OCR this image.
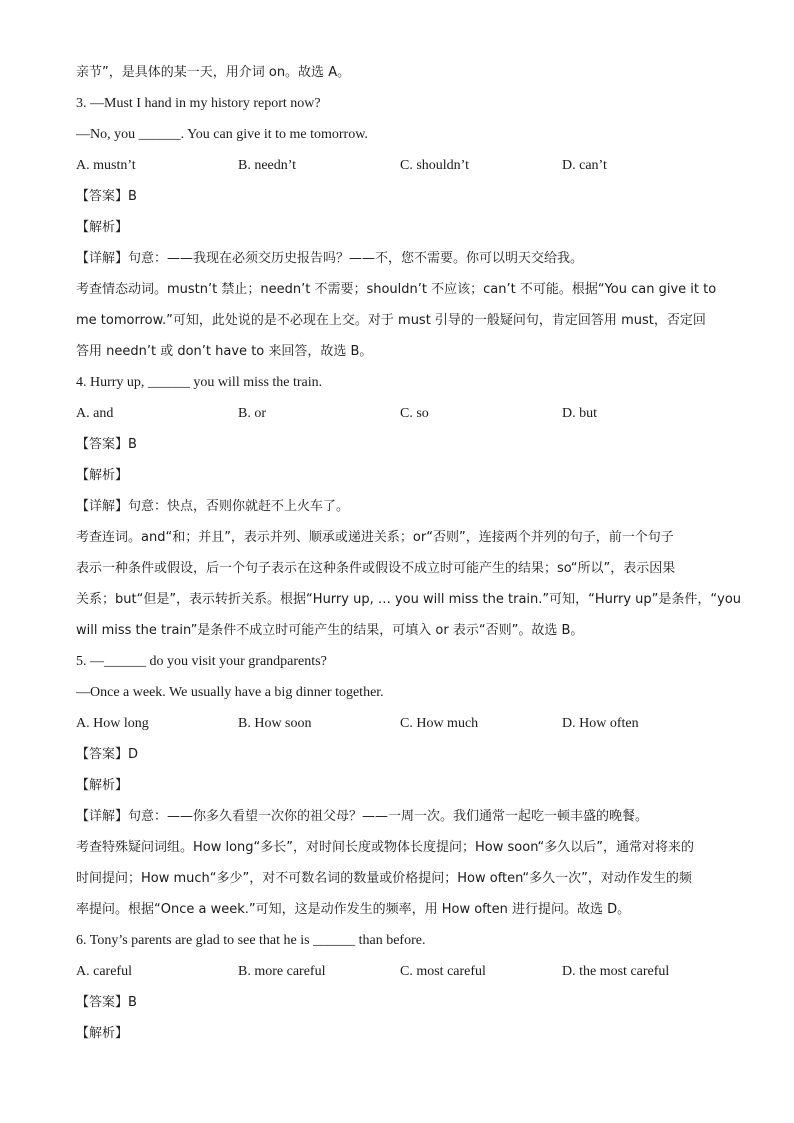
亲节”，是具体的某一天，用介词 on。故选 A。
3. —Must I hand in my history report now?
—No, you ______. You can give it to me tomorrow.
A. mustn’t	B. needn’t	C. shouldn’t	D. can’t
【答案】B
【解析】
【详解】句意：——我现在必须交历史报告吗？——不，您不需要。你可以明天交给我。
考查情态动词。mustn’t 禁止；needn’t 不需要；shouldn’t 不应该；can’t 不可能。根据“You can give it to
me tomorrow.”可知，此处说的是不必现在上交。对于 must 引导的一般疑问句，肯定回答用 must，否定回
答用 needn’t 或 don’t have to 来回答，故选 B。
4. Hurry up, ______ you will miss the train.
A. and	B. or	C. so	D. but
【答案】B
【解析】
【详解】句意：快点，否则你就赶不上火车了。
考查连词。and“和；并且”，表示并列、顺承或递进关系；or“否则”，连接两个并列的句子，前一个句子
表示一种条件或假设，后一个句子表示在这种条件或假设不成立时可能产生的结果；so“所以”，表示因果
关系；but“但是”，表示转折关系。根据“Hurry up, … you will miss the train.”可知，“Hurry up”是条件，“you
will miss the train”是条件不成立时可能产生的结果，可填入 or 表示“否则”。故选 B。
5. —______ do you visit your grandparents?
—Once a week. We usually have a big dinner together.
A. How long	B. How soon	C. How much	D. How often
【答案】D
【解析】
【详解】句意：——你多久看望一次你的祖父母？——一周一次。我们通常一起吃一顿丰盛的晚餐。
考查特殊疑问词组。How long“多长”，对时间长度或物体长度提问；How soon“多久以后”，通常对将来的
时间提问；How much“多少”，对不可数名词的数量或价格提问；How often“多久一次”，对动作发生的频
率提问。根据“Once a week.”可知，这是动作发生的频率，用 How often 进行提问。故选 D。
6. Tony’s parents are glad to see that he is ______ than before.
A. careful	B. more careful	C. most careful	D. the most careful
【答案】B
【解析】
